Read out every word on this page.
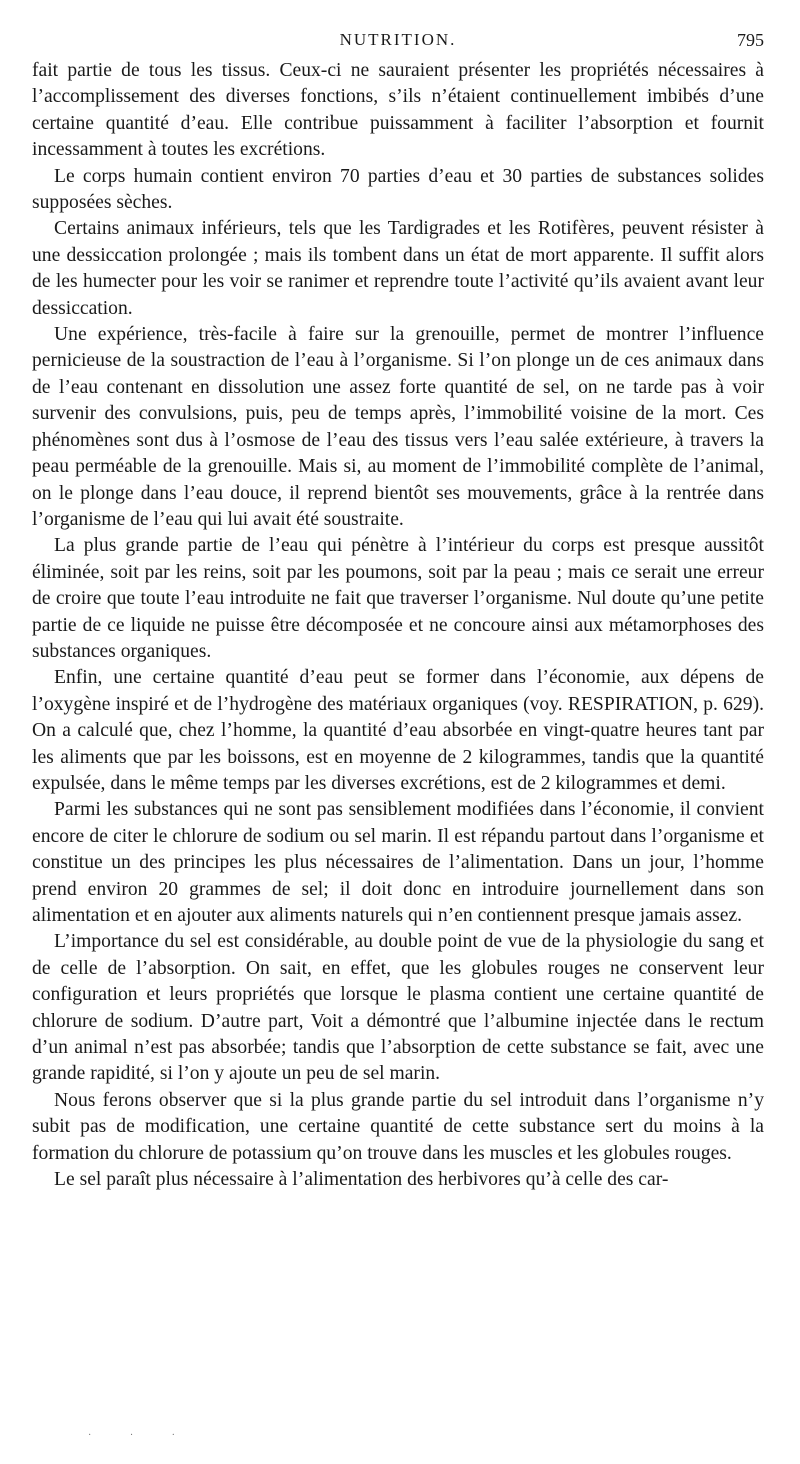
NUTRITION.	795

fait partie de tous les tissus. Ceux-ci ne sauraient présenter les propriétés nécessaires à l’accomplissement des diverses fonctions, s’ils n’étaient continuellement imbibés d’une certaine quantité d’eau. Elle contribue puissamment à faciliter l’absorption et fournit incessamment à toutes les excrétions.

Le corps humain contient environ 70 parties d’eau et 30 parties de substances solides supposées sèches.

Certains animaux inférieurs, tels que les Tardigrades et les Rotifères, peuvent résister à une dessiccation prolongée ; mais ils tombent dans un état de mort apparente. Il suffit alors de les humecter pour les voir se ranimer et reprendre toute l’activité qu’ils avaient avant leur dessiccation.

Une expérience, très-facile à faire sur la grenouille, permet de montrer l’influence pernicieuse de la soustraction de l’eau à l’organisme. Si l’on plonge un de ces animaux dans de l’eau contenant en dissolution une assez forte quantité de sel, on ne tarde pas à voir survenir des convulsions, puis, peu de temps après, l’immobilité voisine de la mort. Ces phénomènes sont dus à l’osmose de l’eau des tissus vers l’eau salée extérieure, à travers la peau perméable de la grenouille. Mais si, au moment de l’immobilité complète de l’animal, on le plonge dans l’eau douce, il reprend bientôt ses mouvements, grâce à la rentrée dans l’organisme de l’eau qui lui avait été soustraite.

La plus grande partie de l’eau qui pénètre à l’intérieur du corps est presque aussitôt éliminée, soit par les reins, soit par les poumons, soit par la peau ; mais ce serait une erreur de croire que toute l’eau introduite ne fait que traverser l’organisme. Nul doute qu’une petite partie de ce liquide ne puisse être décomposée et ne concoure ainsi aux métamorphoses des substances organiques.

Enfin, une certaine quantité d’eau peut se former dans l’économie, aux dépens de l’oxygène inspiré et de l’hydrogène des matériaux organiques (voy. RESPIRATION, p. 629). On a calculé que, chez l’homme, la quantité d’eau absorbée en vingt-quatre heures tant par les aliments que par les boissons, est en moyenne de 2 kilogrammes, tandis que la quantité expulsée, dans le même temps par les diverses excrétions, est de 2 kilogrammes et demi.

Parmi les substances qui ne sont pas sensiblement modifiées dans l’économie, il convient encore de citer le chlorure de sodium ou sel marin. Il est répandu partout dans l’organisme et constitue un des principes les plus nécessaires de l’alimentation. Dans un jour, l’homme prend environ 20 grammes de sel; il doit donc en introduire journellement dans son alimentation et en ajouter aux aliments naturels qui n’en contiennent presque jamais assez.

L’importance du sel est considérable, au double point de vue de la physiologie du sang et de celle de l’absorption. On sait, en effet, que les globules rouges ne conservent leur configuration et leurs propriétés que lorsque le plasma contient une certaine quantité de chlorure de sodium. D’autre part, Voit a démontré que l’albumine injectée dans le rectum d’un animal n’est pas absorbée; tandis que l’absorption de cette substance se fait, avec une grande rapidité, si l’on y ajoute un peu de sel marin.

Nous ferons observer que si la plus grande partie du sel introduit dans l’organisme n’y subit pas de modification, une certaine quantité de cette substance sert du moins à la formation du chlorure de potassium qu’on trouve dans les muscles et les globules rouges.

Le sel paraît plus nécessaire à l’alimentation des herbivores qu’à celle des car-

· · ·
